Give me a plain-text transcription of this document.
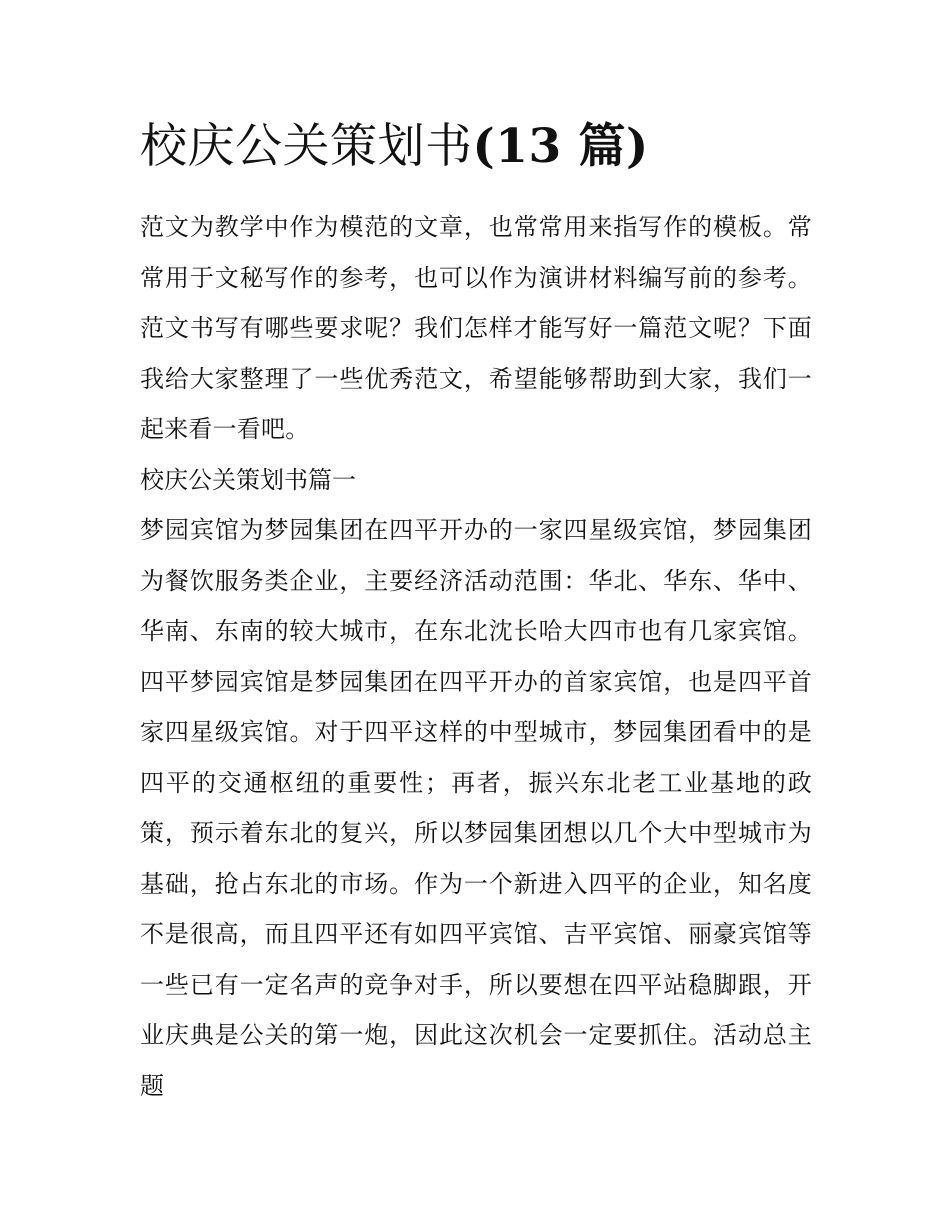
校庆公关策划书(13 篇)

范文为教学中作为模范的文章，也常常用来指写作的模板。常常用于文秘写作的参考，也可以作为演讲材料编写前的参考。范文书写有哪些要求呢？我们怎样才能写好一篇范文呢？下面我给大家整理了一些优秀范文，希望能够帮助到大家，我们一起来看一看吧。

校庆公关策划书篇一

梦园宾馆为梦园集团在四平开办的一家四星级宾馆，梦园集团为餐饮服务类企业，主要经济活动范围：华北、华东、华中、华南、东南的较大城市，在东北沈长哈大四市也有几家宾馆。四平梦园宾馆是梦园集团在四平开办的首家宾馆，也是四平首家四星级宾馆。对于四平这样的中型城市，梦园集团看中的是四平的交通枢纽的重要性；再者，振兴东北老工业基地的政策，预示着东北的复兴，所以梦园集团想以几个大中型城市为基础，抢占东北的市场。作为一个新进入四平的企业，知名度不是很高，而且四平还有如四平宾馆、吉平宾馆、丽豪宾馆等一些已有一定名声的竞争对手，所以要想在四平站稳脚跟，开业庆典是公关的第一炮，因此这次机会一定要抓住。活动总主题
